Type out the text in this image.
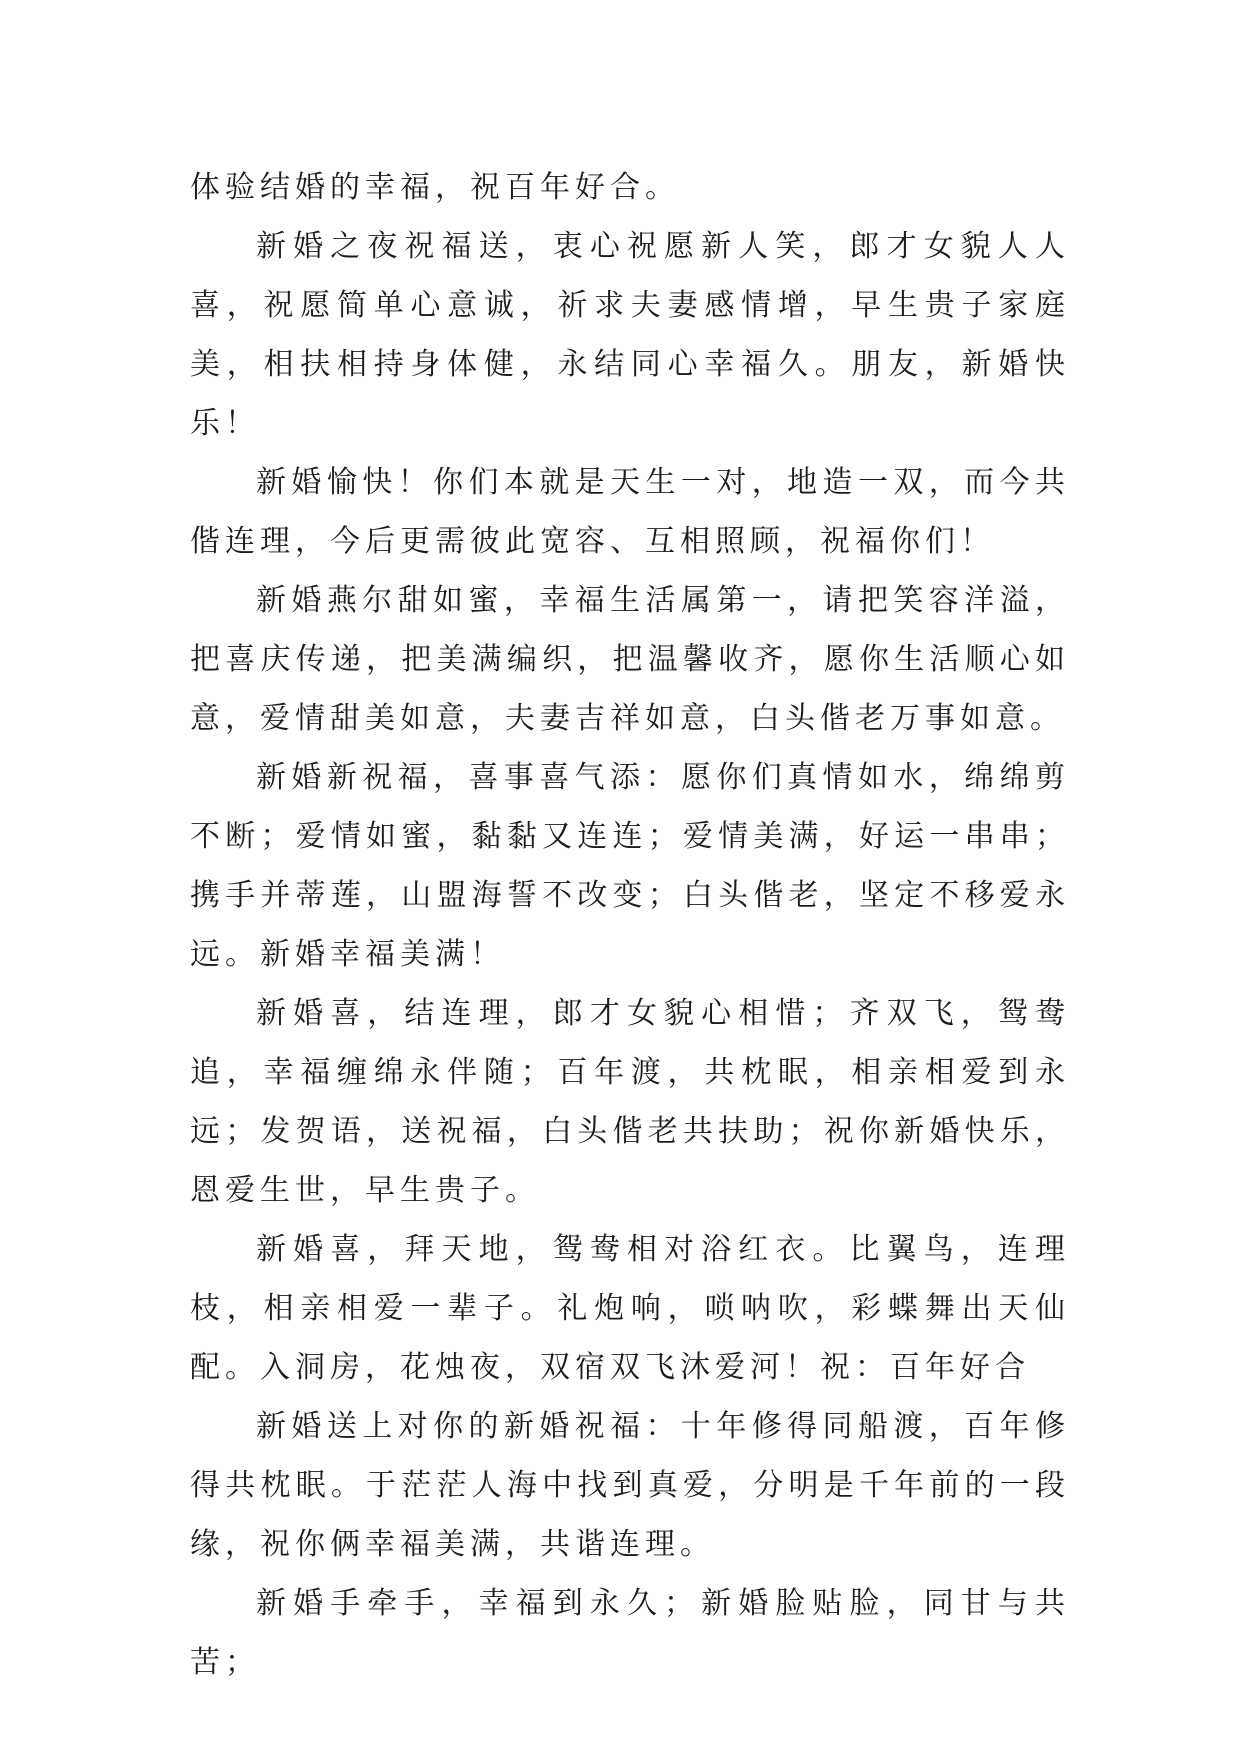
体验结婚的幸福，祝百年好合。

新婚之夜祝福送，衷心祝愿新人笑，郎才女貌人人喜，祝愿简单心意诚，祈求夫妻感情增，早生贵子家庭美，相扶相持身体健，永结同心幸福久。朋友，新婚快乐！

新婚愉快！你们本就是天生一对，地造一双，而今共偕连理，今后更需彼此宽容、互相照顾，祝福你们！

新婚燕尔甜如蜜，幸福生活属第一，请把笑容洋溢，把喜庆传递，把美满编织，把温馨收齐，愿你生活顺心如意，爱情甜美如意，夫妻吉祥如意，白头偕老万事如意。

新婚新祝福，喜事喜气添：愿你们真情如水，绵绵剪不断；爱情如蜜，黏黏又连连；爱情美满，好运一串串；携手并蒂莲，山盟海誓不改变；白头偕老，坚定不移爱永远。新婚幸福美满！

新婚喜，结连理，郎才女貌心相惜；齐双飞，鸳鸯追，幸福缠绵永伴随；百年渡，共枕眠，相亲相爱到永远；发贺语，送祝福，白头偕老共扶助；祝你新婚快乐，恩爱生世，早生贵子。

新婚喜，拜天地，鸳鸯相对浴红衣。比翼鸟，连理枝，相亲相爱一辈子。礼炮响，唢呐吹，彩蝶舞出天仙配。入洞房，花烛夜，双宿双飞沐爱河！祝：百年好合

新婚送上对你的新婚祝福：十年修得同船渡，百年修得共枕眠。于茫茫人海中找到真爱，分明是千年前的一段缘，祝你俩幸福美满，共谐连理。

新婚手牵手，幸福到永久；新婚脸贴脸，同甘与共苦；
